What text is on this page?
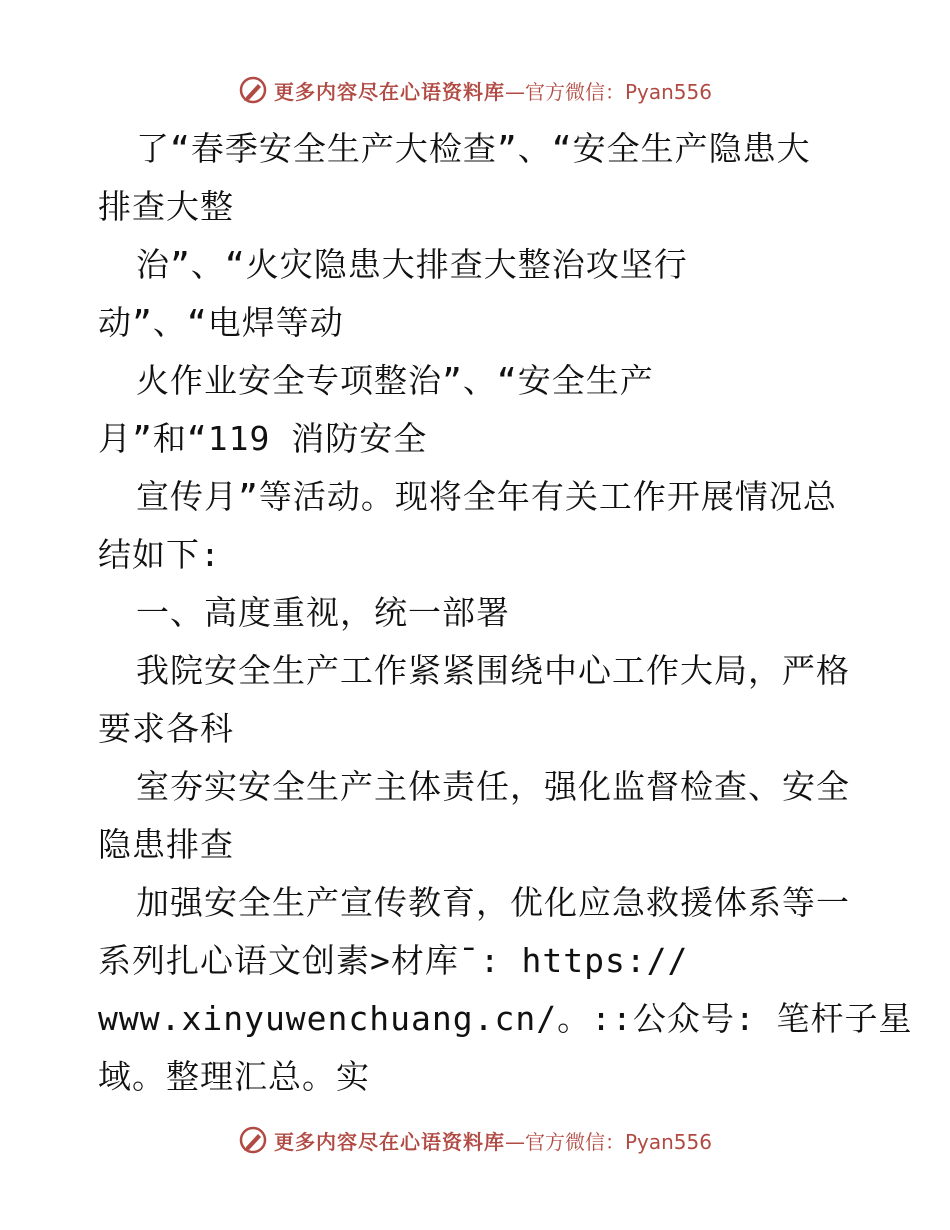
更多内容尽在心语资料库 —官方微信：Pyan556
了“春季安全生产大检查”、“安全生产隐患大
排查大整
治”、“火灾隐患大排查大整治攻坚行
动”、“电焊等动
火作业安全专项整治”、“安全生产
月”和“119 消防安全
宣传月”等活动。现将全年有关工作开展情况总
结如下:
一、高度重视，统一部署
我院安全生产工作紧紧围绕中心工作大局，严格
要求各科
室夯实安全生产主体责任，强化监督检查、安全
隐患排查
加强安全生产宣传教育，优化应急救援体系等一
系列扎心语文创素>材库¯: https://
www.xinyuwenchuang.cn/。::公众号: 笔杆子星
域。整理汇总。实
更多内容尽在心语资料库 —官方微信：Pyan556
